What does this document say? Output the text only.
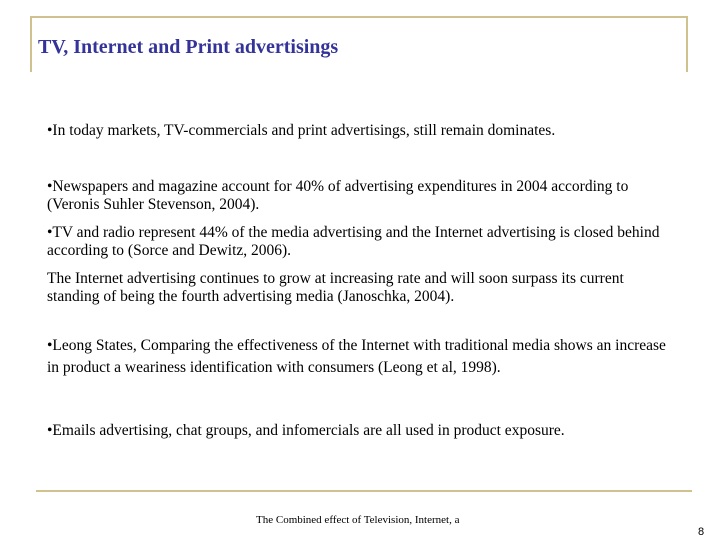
TV, Internet and Print advertisings
•In today markets, TV-commercials and print advertisings, still remain dominates.
•Newspapers and magazine account for 40% of advertising expenditures in 2004 according to (Veronis Suhler Stevenson, 2004).
•TV and radio represent 44% of the media advertising and the Internet advertising is closed behind according to (Sorce and Dewitz, 2006).
The Internet advertising continues to grow at increasing rate and will soon surpass its current standing of being the fourth advertising media (Janoschka, 2004).
•Leong States, Comparing the effectiveness of the Internet with traditional media shows an increase in product a weariness identification with consumers (Leong et al, 1998).
•Emails advertising, chat groups, and infomercials are all used in product exposure.
The Combined effect of Television, Internet, a
8
